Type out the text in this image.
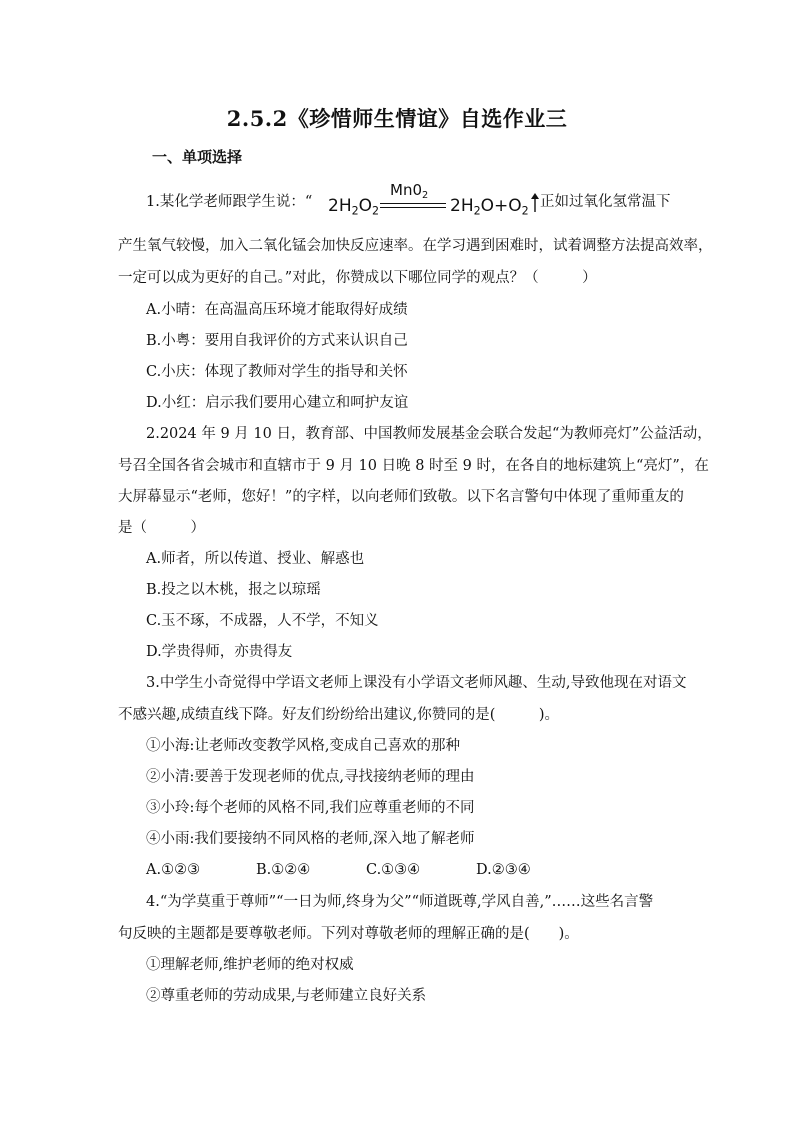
2.5.2《珍惜师生情谊》自选作业三
一、单项选择
1.某化学老师跟学生说：“ $2H_2O_2$
$Mn0_2$
$2H_2O+O_2$
正如过氧化氢常温下
产生氧气较慢，加入二氧化锰会加快反应速率。在学习遇到困难时，试着调整方法提高效率，
一定可以成为更好的自己。”对此，你赞成以下哪位同学的观点？（　　　）
A.小晴：在高温高压环境才能取得好成绩
B.小粤：要用自我评价的方式来认识自己
C.小庆：体现了教师对学生的指导和关怀
D.小红：启示我们要用心建立和呵护友谊
2.2024 年 9 月 10 日，教育部、中国教师发展基金会联合发起“为教师亮灯”公益活动，
号召全国各省会城市和直辖市于 9 月 10 日晚 8 时至 9 时，在各自的地标建筑上“亮灯”，在
大屏幕显示“老师，您好！”的字样，以向老师们致敬。以下名言警句中体现了重师重友的
是（　　　）
A.师者，所以传道、授业、解惑也
B.投之以木桃，报之以琼瑶
C.玉不琢，不成器，人不学，不知义
D.学贵得师，亦贵得友
3.中学生小奇觉得中学语文老师上课没有小学语文老师风趣、生动,导致他现在对语文
不感兴趣,成绩直线下降。好友们纷纷给出建议,你赞同的是(　　　)。
①小海:让老师改变教学风格,变成自己喜欢的那种
②小清:要善于发现老师的优点,寻找接纳老师的理由
③小玲:每个老师的风格不同,我们应尊重老师的不同
④小雨:我们要接纳不同风格的老师,深入地了解老师
A.①②③	B.①②④	C.①③④	D.②③④
4.“为学莫重于尊师”“一日为师,终身为父”“师道既尊,学风自善,”……这些名言警
句反映的主题都是要尊敬老师。下列对尊敬老师的理解正确的是(　　)。
①理解老师,维护老师的绝对权威
②尊重老师的劳动成果,与老师建立良好关系
